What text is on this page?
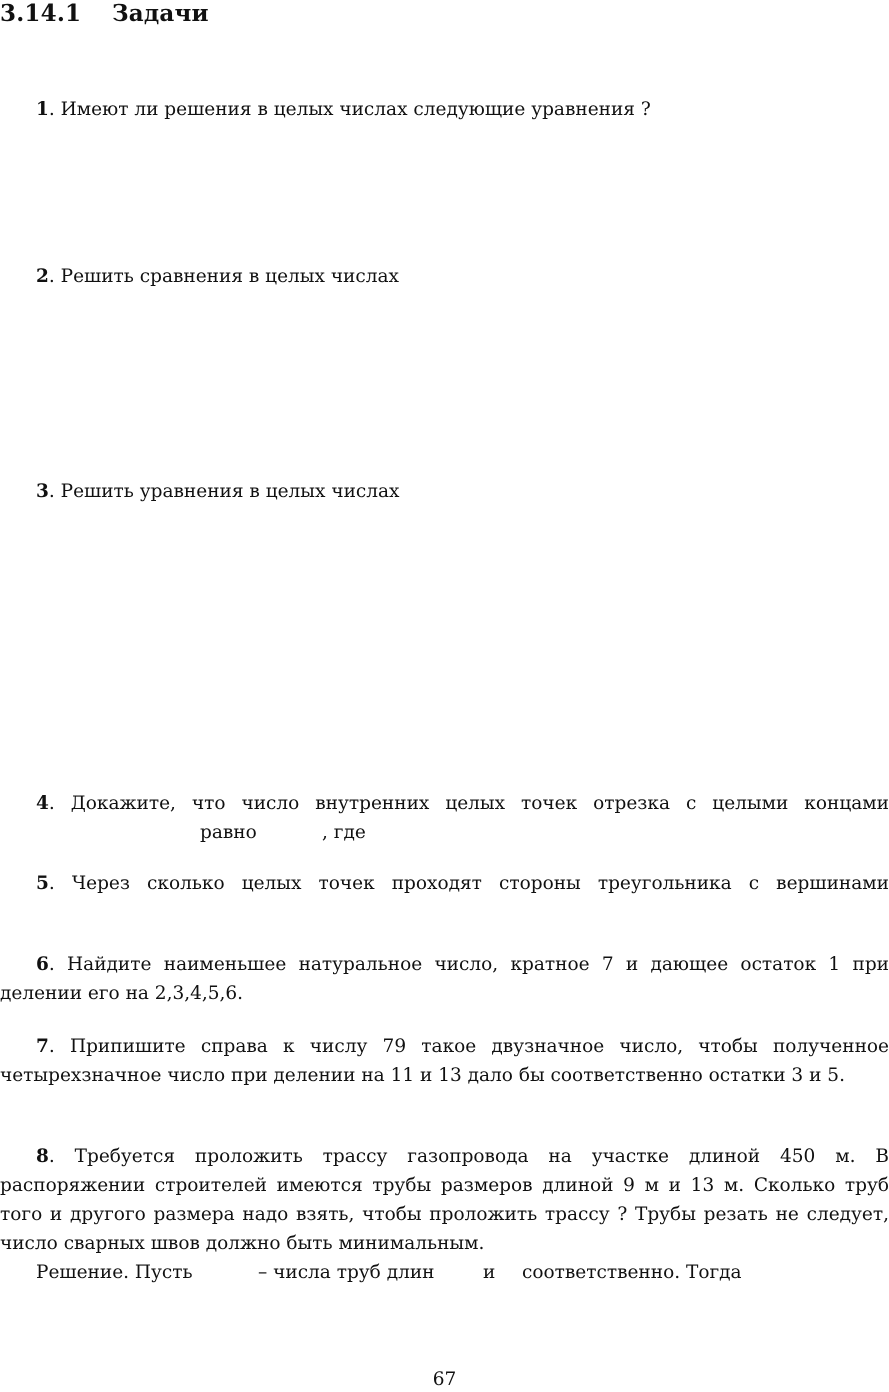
3.14.1 Задачи
1. Имеют ли решения в целых числах следующие уравнения ?
2. Решить сравнения в целых числах
3. Решить уравнения в целых числах
4. Докажите, что число внутренних целых точек отрезка с целыми концами
равно	, где
5. Через сколько целых точек проходят стороны треугольника с вершинами
6. Найдите наименьшее натуральное число, кратное 7 и дающее остаток 1 при делении его на 2,3,4,5,6.
7. Припишите справа к числу 79 такое двузначное число, чтобы полученное четырехзначное число при делении на 11 и 13 дало бы соответственно остатки 3 и 5.
8. Требуется проложить трассу газопровода на участке длиной 450 м. В распоряжении строителей имеются трубы размеров длиной 9 м и 13 м. Сколько труб того и другого размера надо взять, чтобы проложить трассу ? Трубы резать не следует, число сварных швов должно быть минимальным.
Решение. Пусть	– числа труб длин	и соответственно. Тогда
67
